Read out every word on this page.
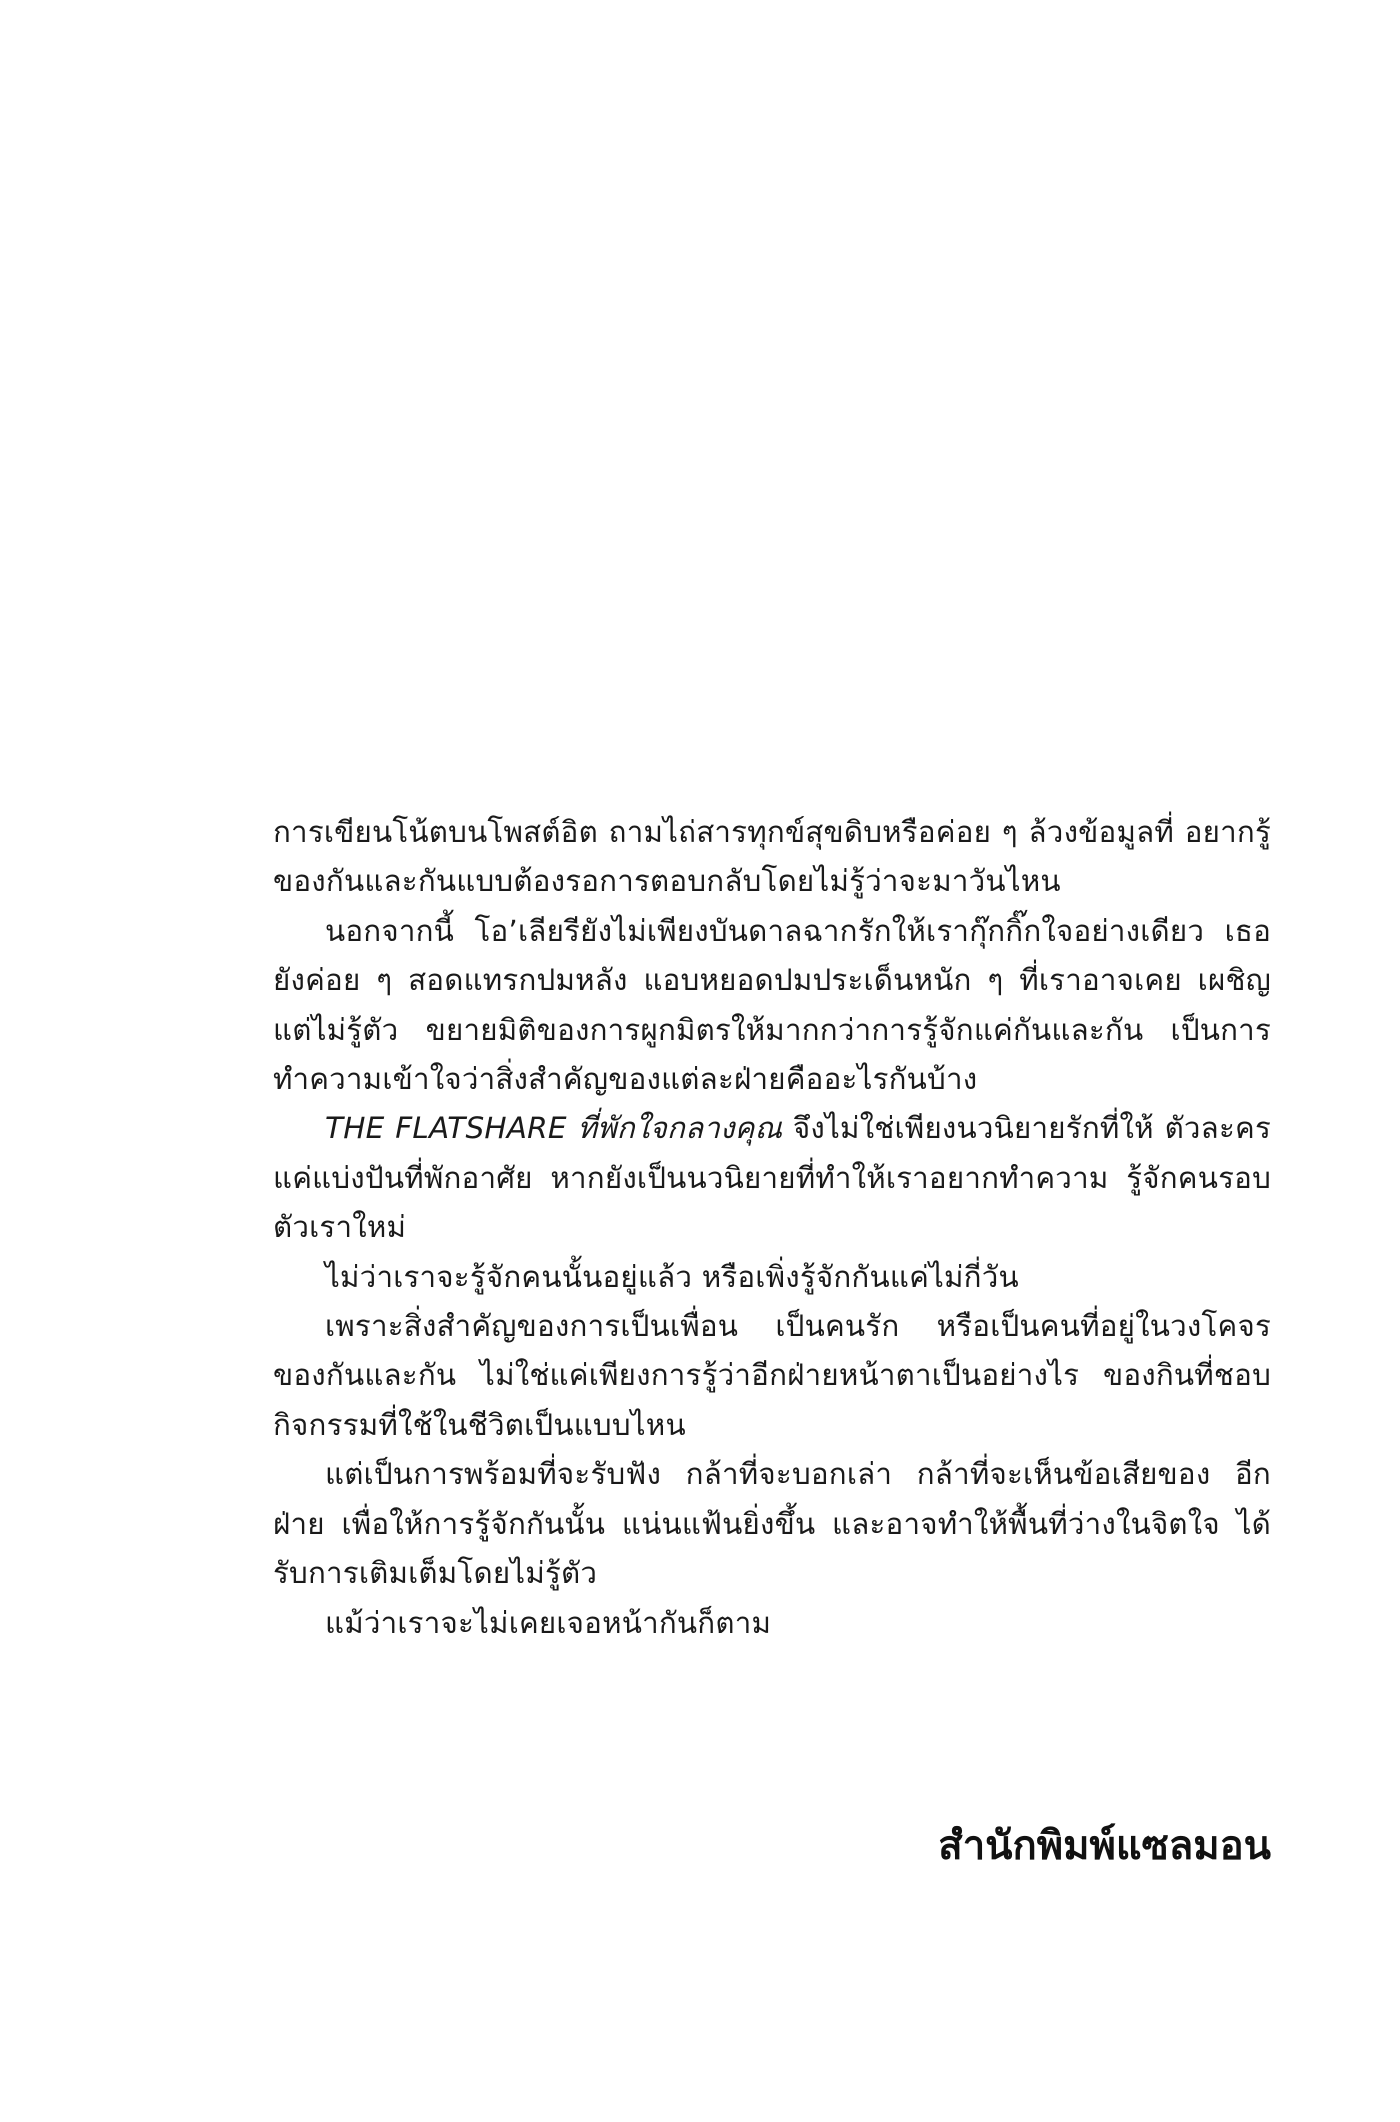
การเขียนโน้ตบนโพสต์อิต ถามไถ่สารทุกข์สุขดิบหรือค่อย ๆ ล้วงข้อมูลที่ อยากรู้ของกันและกันแบบต้องรอการตอบกลับโดยไม่รู้ว่าจะมาวันไหน

นอกจากนี้ โอ’เลียรียังไม่เพียงบันดาลฉากรักให้เรากุ๊กกิ๊กใจอย่างเดียว เธอยังค่อย ๆ สอดแทรกปมหลัง แอบหยอดปมประเด็นหนัก ๆ ที่เราอาจเคย เผชิญแต่ไม่รู้ตัว ขยายมิติของการผูกมิตรให้มากกว่าการรู้จักแค่กันและกัน เป็นการทำความเข้าใจว่าสิ่งสำคัญของแต่ละฝ่ายคืออะไรกันบ้าง

THE FLATSHARE ที่พักใจกลางคุณ จึงไม่ใช่เพียงนวนิยายรักที่ให้ ตัวละครแค่แบ่งปันที่พักอาศัย หากยังเป็นนวนิยายที่ทำให้เราอยากทำความ รู้จักคนรอบตัวเราใหม่

ไม่ว่าเราจะรู้จักคนนั้นอยู่แล้ว หรือเพิ่งรู้จักกันแค่ไม่กี่วัน

เพราะสิ่งสำคัญของการเป็นเพื่อน เป็นคนรัก หรือเป็นคนที่อยู่ในวงโคจร ของกันและกัน ไม่ใช่แค่เพียงการรู้ว่าอีกฝ่ายหน้าตาเป็นอย่างไร ของกินที่ชอบ กิจกรรมที่ใช้ในชีวิตเป็นแบบไหน

แต่เป็นการพร้อมที่จะรับฟัง กล้าที่จะบอกเล่า กล้าที่จะเห็นข้อเสียของ อีกฝ่าย เพื่อให้การรู้จักกันนั้น แน่นแฟ้นยิ่งขึ้น และอาจทำให้พื้นที่ว่างในจิตใจ ได้รับการเติมเต็มโดยไม่รู้ตัว

แม้ว่าเราจะไม่เคยเจอหน้ากันก็ตาม

สำนักพิมพ์แซลมอน
